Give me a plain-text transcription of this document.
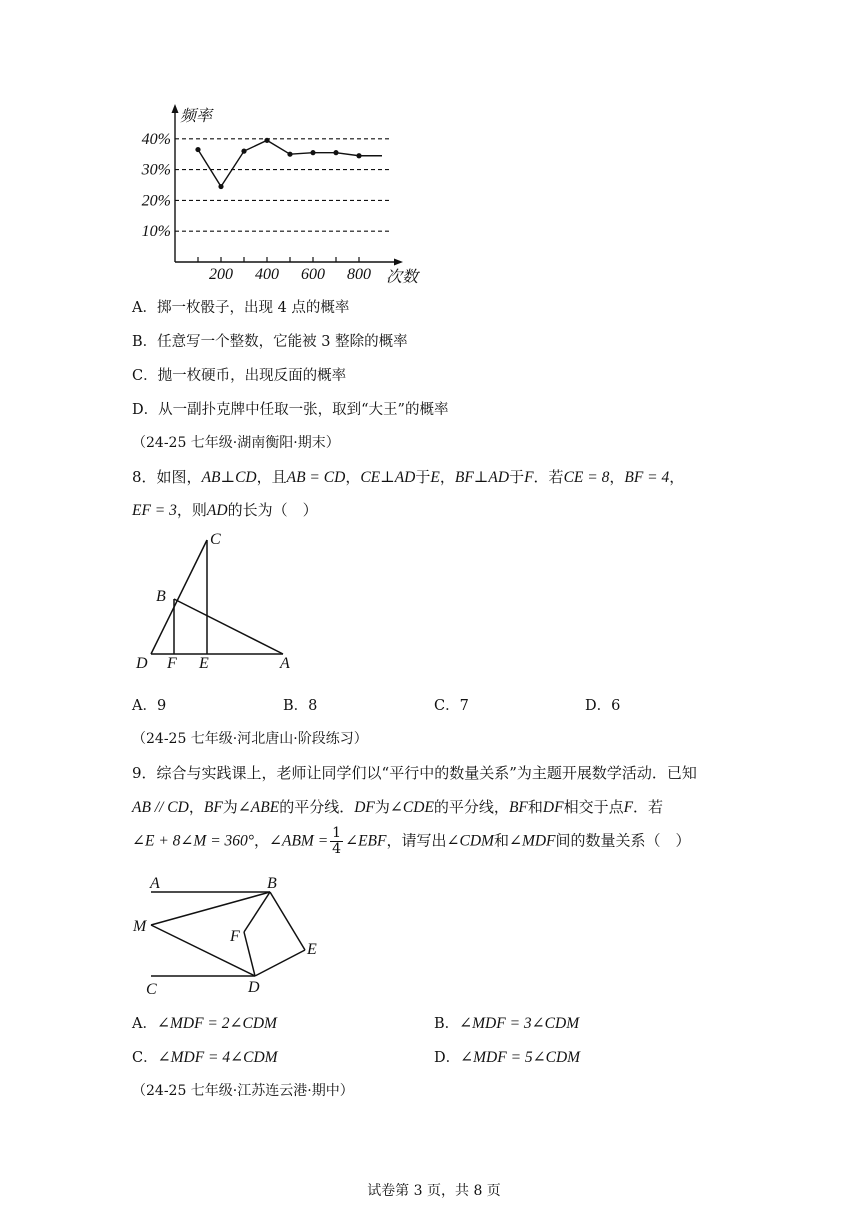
10%
20%
30%
40%
200 400 600 800
频率
次数
A．掷一枚骰子，出现 4 点的概率
B．任意写一个整数，它能被 3 整除的概率
C．抛一枚硬币，出现反面的概率
D．从一副扑克牌中任取一张，取到“大王”的概率
（24-25 七年级·湖南衡阳·期末）
8．如图，AB⊥CD，且AB = CD，CE⊥AD于E，BF⊥AD于F．若CE = 8，BF = 4，
EF = 3，则AD的长为（　）
C
B
D F E	A
A．9	B．8	C．7	D．6
（24-25 七年级·河北唐山·阶段练习）
9．综合与实践课上，老师让同学们以“平行中的数量关系”为主题开展数学活动．已知
AB // CD，BF为∠ABE的平分线．DF为∠CDE的平分线，BF和DF相交于点F．若
∠E + 8∠M = 360°，∠ABM = $\frac{1}{4}$ ∠EBF，请写出∠CDM和∠MDF间的数量关系（　）
A	B
M
F
E
C	D
A．∠MDF = 2∠CDM	B．∠MDF = 3∠CDM
C．∠MDF = 4∠CDM	D．∠MDF = 5∠CDM
（24-25 七年级·江苏连云港·期中）
试卷第 3 页，共 8 页
